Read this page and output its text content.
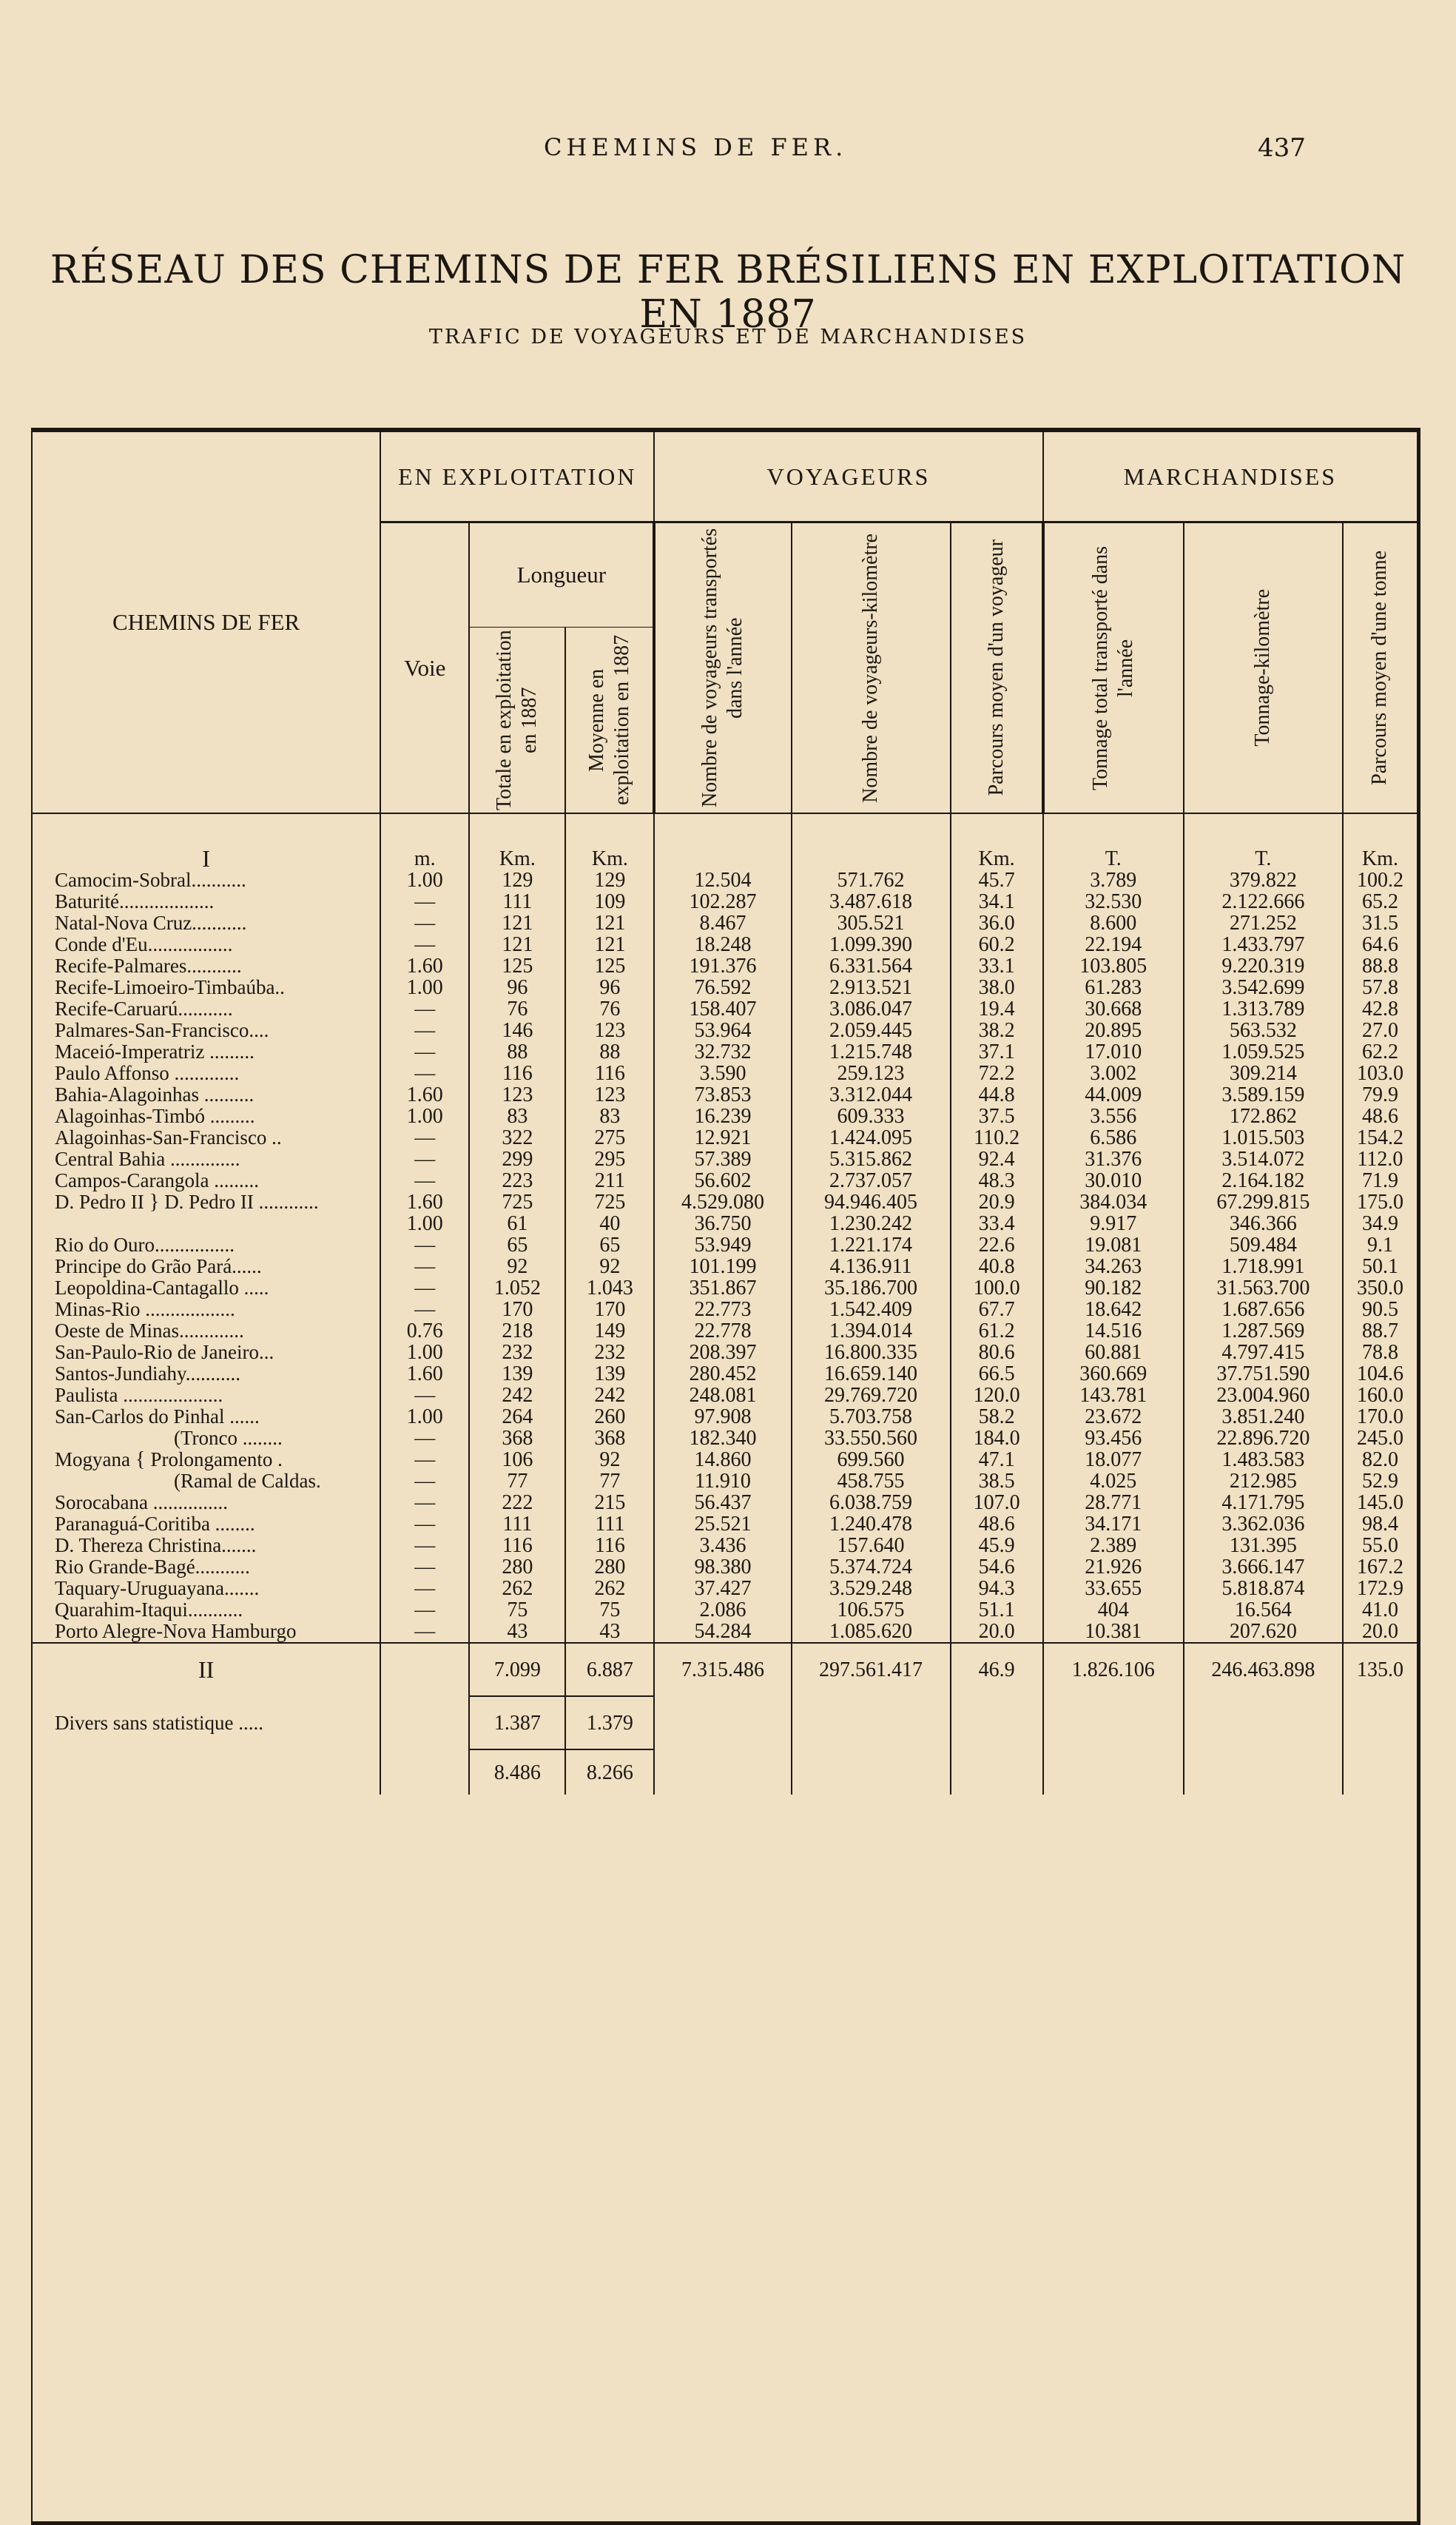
CHEMINS DE FER.	437
RÉSEAU DES CHEMINS DE FER BRÉSILIENS EN EXPLOITATION EN 1887
TRAFIC DE VOYAGEURS ET DE MARCHANDISES
CHEMINS DE FER	EN EXPLOITATION			VOYAGEURS			MARCHANDISES		
	Voie	Longueur		Nombre de voyageurs transportés dans l'année	Nombre de voyageurs-kilomètre	Parcours moyen d'un voyageur	Tonnage total transporté dans l'année	Tonnage-kilomètre	Parcours moyen d'une tonne

		Totale en exploitation en 1887	Moyenne en exploitation en 1887						

I	m.	Km.	Km.			Km.	T.	T.	Km.
Camocim-Sobral...........	1.00	129	129	12.504	571.762	45.7	3.789	379.822	100.2
Baturité...................	—	111	109	102.287	3.487.618	34.1	32.530	2.122.666	65.2
Natal-Nova Cruz...........	—	121	121	8.467	305.521	36.0	8.600	271.252	31.5
Conde d'Eu.................	—	121	121	18.248	1.099.390	60.2	22.194	1.433.797	64.6
Recife-Palmares...........	1.60	125	125	191.376	6.331.564	33.1	103.805	9.220.319	88.8
Recife-Limoeiro-Timbaúba..	1.00	96	96	76.592	2.913.521	38.0	61.283	3.542.699	57.8
Recife-Caruarú...........	—	76	76	158.407	3.086.047	19.4	30.668	1.313.789	42.8
Palmares-San-Francisco....	—	146	123	53.964	2.059.445	38.2	20.895	563.532	27.0
Maceió-Imperatriz .........	—	88	88	32.732	1.215.748	37.1	17.010	1.059.525	62.2
Paulo Affonso .............	—	116	116	3.590	259.123	72.2	3.002	309.214	103.0
Bahia-Alagoinhas ..........	1.60	123	123	73.853	3.312.044	44.8	44.009	3.589.159	79.9
Alagoinhas-Timbó .........	1.00	83	83	16.239	609.333	37.5	3.556	172.862	48.6
Alagoinhas-San-Francisco ..	—	322	275	12.921	1.424.095	110.2	6.586	1.015.503	154.2
Central Bahia ..............	—	299	295	57.389	5.315.862	92.4	31.376	3.514.072	112.0
Campos-Carangola .........	—	223	211	56.602	2.737.057	48.3	30.010	2.164.182	71.9
D. Pedro II } D. Pedro II ............	1.60	725	725	4.529.080	94.946.405	20.9	384.034	67.299.815	175.0
	1.00	61	40	36.750	1.230.242	33.4	9.917	346.366	34.9
Rio do Ouro................	—	65	65	53.949	1.221.174	22.6	19.081	509.484	9.1
Principe do Grão Pará......	—	92	92	101.199	4.136.911	40.8	34.263	1.718.991	50.1
Leopoldina-Cantagallo .....	—	1.052	1.043	351.867	35.186.700	100.0	90.182	31.563.700	350.0
Minas-Rio ..................	—	170	170	22.773	1.542.409	67.7	18.642	1.687.656	90.5
Oeste de Minas.............	0.76	218	149	22.778	1.394.014	61.2	14.516	1.287.569	88.7
San-Paulo-Rio de Janeiro...	1.00	232	232	208.397	16.800.335	80.6	60.881	4.797.415	78.8
Santos-Jundiahy...........	1.60	139	139	280.452	16.659.140	66.5	360.669	37.751.590	104.6
Paulista ....................	—	242	242	248.081	29.769.720	120.0	143.781	23.004.960	160.0
San-Carlos do Pinhal ......	1.00	264	260	97.908	5.703.758	58.2	23.672	3.851.240	170.0
(Tronco ........	—	368	368	182.340	33.550.560	184.0	93.456	22.896.720	245.0
Mogyana { Prolongamento .	—	106	92	14.860	699.560	47.1	18.077	1.483.583	82.0
(Ramal de Caldas.	—	77	77	11.910	458.755	38.5	4.025	212.985	52.9
Sorocabana ...............	—	222	215	56.437	6.038.759	107.0	28.771	4.171.795	145.0
Paranaguá-Coritiba ........	—	111	111	25.521	1.240.478	48.6	34.171	3.362.036	98.4
D. Thereza Christina.......	—	116	116	3.436	157.640	45.9	2.389	131.395	55.0
Rio Grande-Bagé...........	—	280	280	98.380	5.374.724	54.6	21.926	3.666.147	167.2
Taquary-Uruguayana.......	—	262	262	37.427	3.529.248	94.3	33.655	5.818.874	172.9
Quarahim-Itaqui...........	—	75	75	2.086	106.575	51.1	404	16.564	41.0
Porto Alegre-Nova Hamburgo	—	43	43	54.284	1.085.620	20.0	10.381	207.620	20.0
II		7.099	6.887	7.315.486	297.561.417	46.9	1.826.106	246.463.898	135.0
Divers sans statistique .....		1.387	1.379						
		8.486	8.266						
